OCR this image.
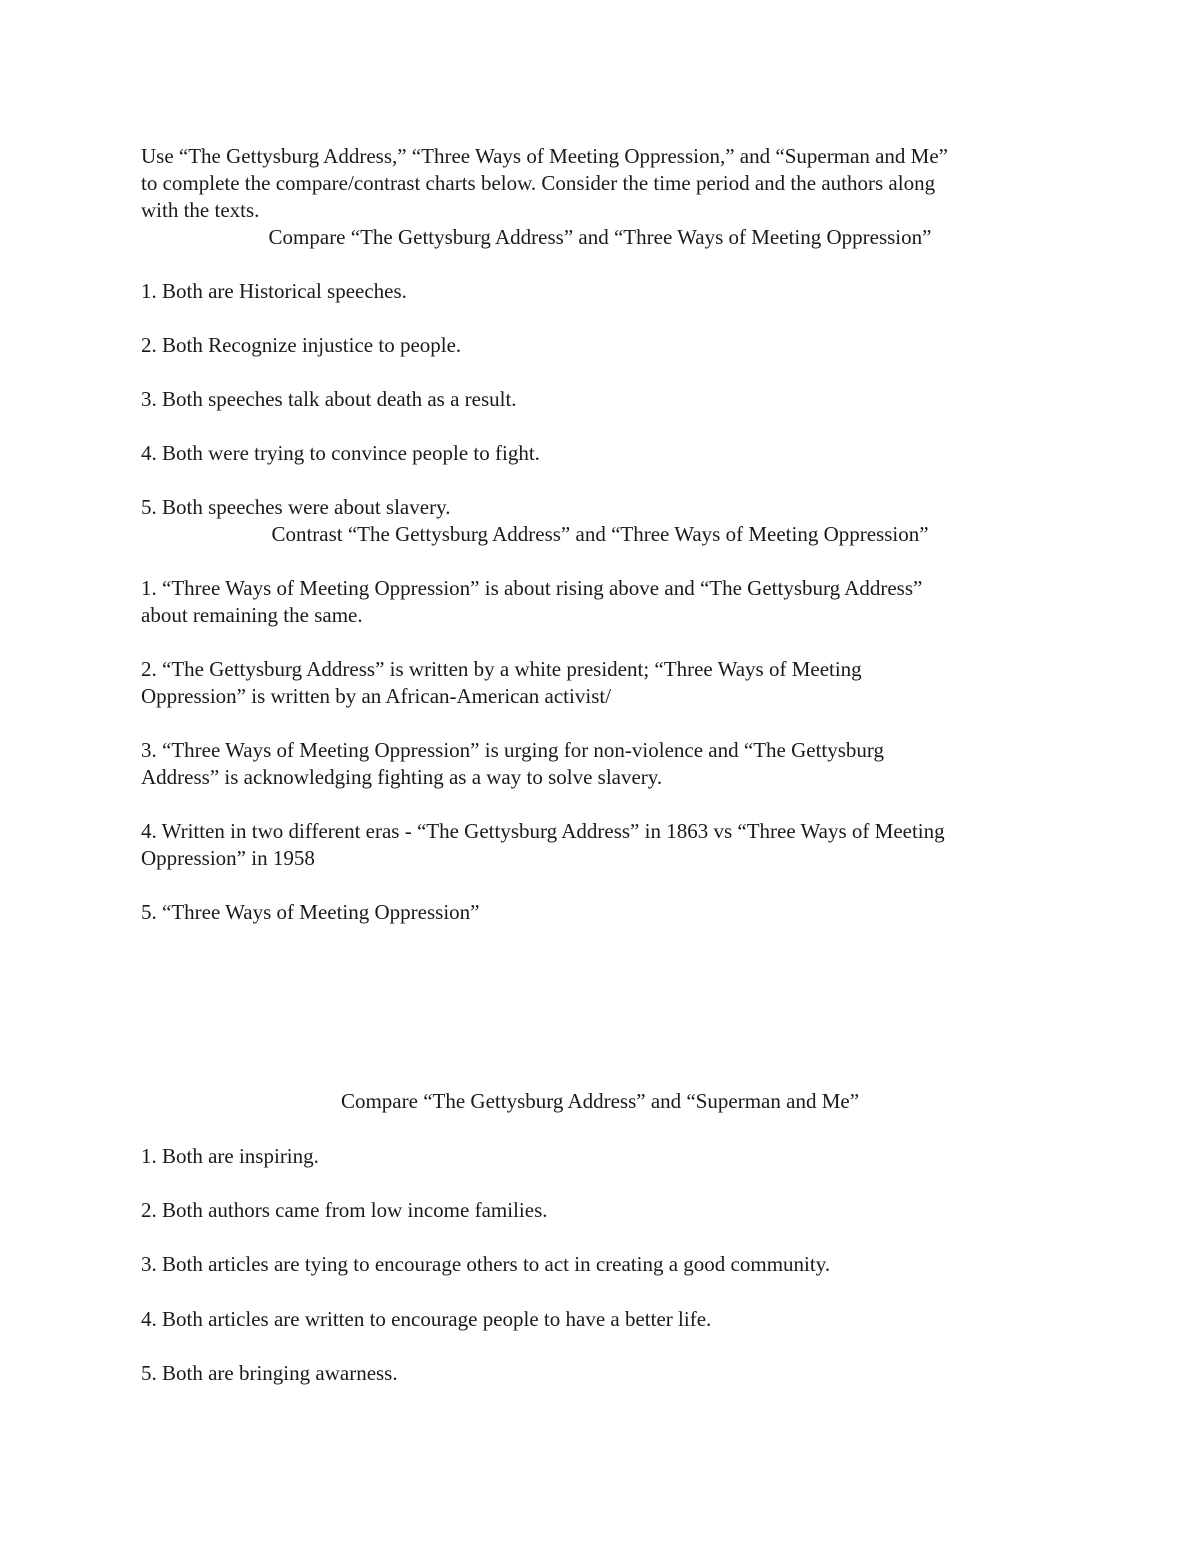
Use “The Gettysburg Address,” “Three Ways of Meeting Oppression,” and “Superman and Me”
to complete the compare/contrast charts below. Consider the time period and the authors along
with the texts.
Compare “The Gettysburg Address” and “Three Ways of Meeting Oppression”
1. Both are Historical speeches.
2. Both Recognize injustice to people.
3. Both speeches talk about death as a result.
4. Both were trying to convince people to fight.
5. Both speeches were about slavery.
Contrast “The Gettysburg Address” and “Three Ways of Meeting Oppression”
1. “Three Ways of Meeting Oppression” is about rising above and “The Gettysburg Address”
about remaining the same.
2. “The Gettysburg Address” is written by a white president; “Three Ways of Meeting
Oppression” is written by an African-American activist/
3. “Three Ways of Meeting Oppression” is urging for non-violence and “The Gettysburg
Address” is acknowledging fighting as a way to solve slavery.
4. Written in two different eras - “The Gettysburg Address” in 1863 vs “Three Ways of Meeting
Oppression” in 1958
5. “Three Ways of Meeting Oppression”
Compare “The Gettysburg Address” and “Superman and Me”
1. Both are inspiring.
2. Both authors came from low income families.
3. Both articles are tying to encourage others to act in creating a good community.
4. Both articles are written to encourage people to have a better life.
5. Both are bringing awarness.
